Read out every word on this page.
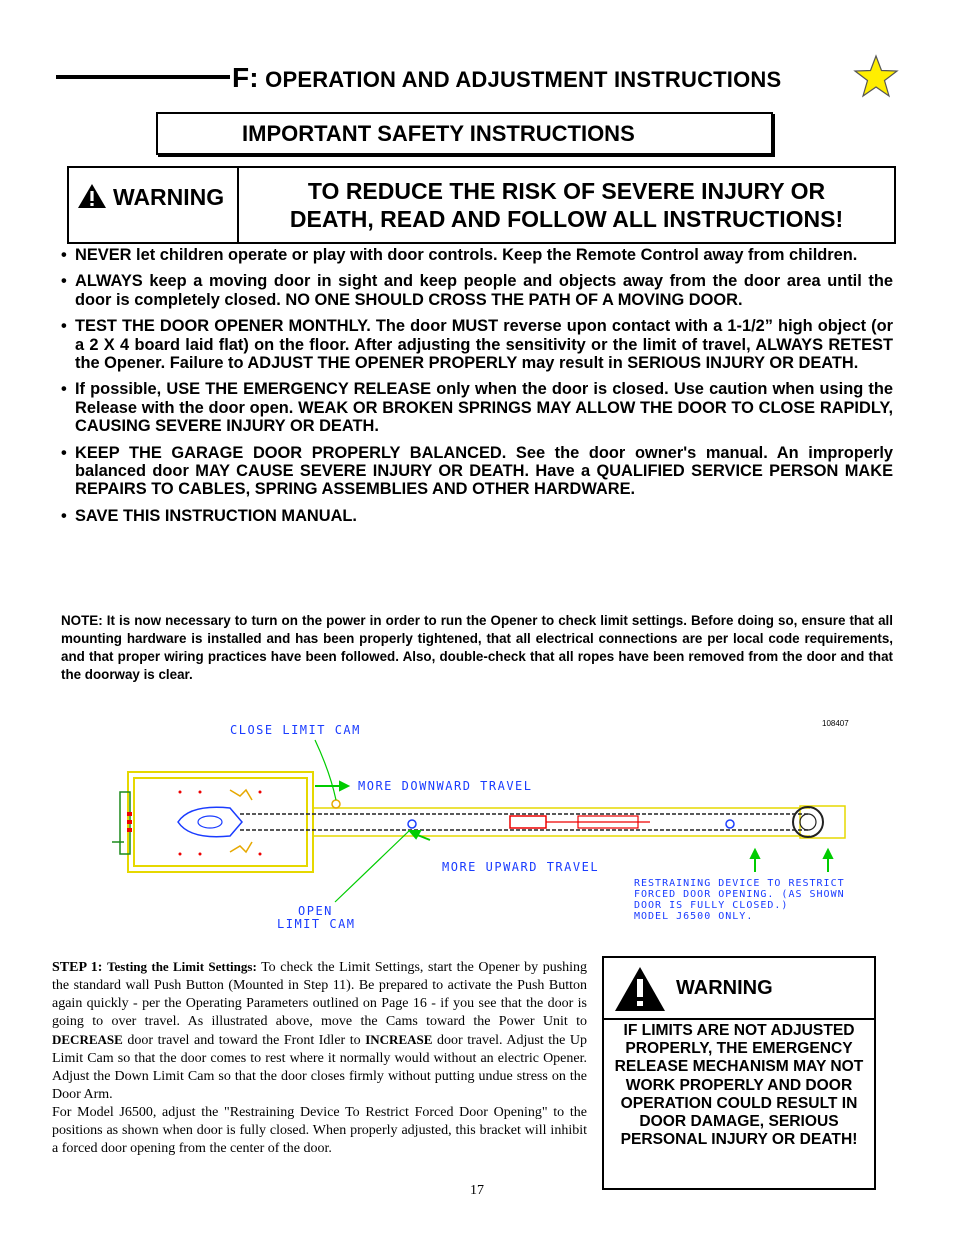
F: OPERATION AND ADJUSTMENT INSTRUCTIONS
IMPORTANT SAFETY INSTRUCTIONS
WARNING	TO REDUCE THE RISK OF SEVERE INJURY OR
DEATH, READ AND FOLLOW ALL INSTRUCTIONS!
• NEVER let children operate or play with door controls. Keep the Remote Control away from children.
• ALWAYS keep a moving door in sight and keep people and objects away from the door area until the door is completely closed. NO ONE SHOULD CROSS THE PATH OF A MOVING DOOR.
• TEST THE DOOR OPENER MONTHLY. The door MUST reverse upon contact with a 1-1/2” high object (or a 2 X 4 board laid flat) on the floor. After adjusting the sensitivity or the limit of travel, ALWAYS RETEST the Opener. Failure to ADJUST THE OPENER PROPERLY may result in SERIOUS INJURY OR DEATH.
• If possible, USE THE EMERGENCY RELEASE only when the door is closed. Use caution when using the Release with the door open. WEAK OR BROKEN SPRINGS MAY ALLOW THE DOOR TO CLOSE RAPIDLY, CAUSING SEVERE INJURY OR DEATH.
• KEEP THE GARAGE DOOR PROPERLY BALANCED. See the door owner's manual. An improperly balanced door MAY CAUSE SEVERE INJURY OR DEATH. Have a QUALIFIED SERVICE PERSON MAKE REPAIRS TO CABLES, SPRING ASSEMBLIES AND OTHER HARDWARE.
• SAVE THIS INSTRUCTION MANUAL.
NOTE: It is now necessary to turn on the power in order to run the Opener to check limit settings. Before doing so, ensure that all mounting hardware is installed and has been properly tightened, that all electrical connections are per local code requirements, and that proper wiring practices have been followed. Also, double-check that all ropes have been removed from the door and that the doorway is clear.
CLOSE LIMIT CAM
MORE DOWNWARD TRAVEL
MORE UPWARD TRAVEL
OPEN
LIMIT CAM
RESTRAINING DEVICE TO RESTRICT
FORCED DOOR OPENING. (AS SHOWN
DOOR IS FULLY CLOSED.)
MODEL J6500 ONLY.
108407

STEP 1: Testing the Limit Settings: To check the Limit Settings, start the Opener by pushing the standard wall Push Button (Mounted in Step 11). Be prepared to activate the Push Button again quickly - per the Operating Parameters outlined on Page 16 - if you see that the door is going to over travel. As illustrated above, move the Cams toward the Power Unit to DECREASE door travel and toward the Front Idler to INCREASE door travel. Adjust the Up Limit Cam so that the door comes to rest where it normally would without an electric Opener. Adjust the Down Limit Cam so that the door closes firmly without putting undue stress on the Door Arm.

For Model J6500, adjust the "Restraining Device To Restrict Forced Door Opening" to the positions as shown when door is fully closed. When properly adjusted, this bracket will inhibit a forced door opening from the center of the door.

WARNING
IF LIMITS ARE NOT ADJUSTED PROPERLY, THE EMERGENCY RELEASE MECHANISM MAY NOT WORK PROPERLY AND DOOR OPERATION COULD RESULT IN DOOR DAMAGE, SERIOUS PERSONAL INJURY OR DEATH!
17
